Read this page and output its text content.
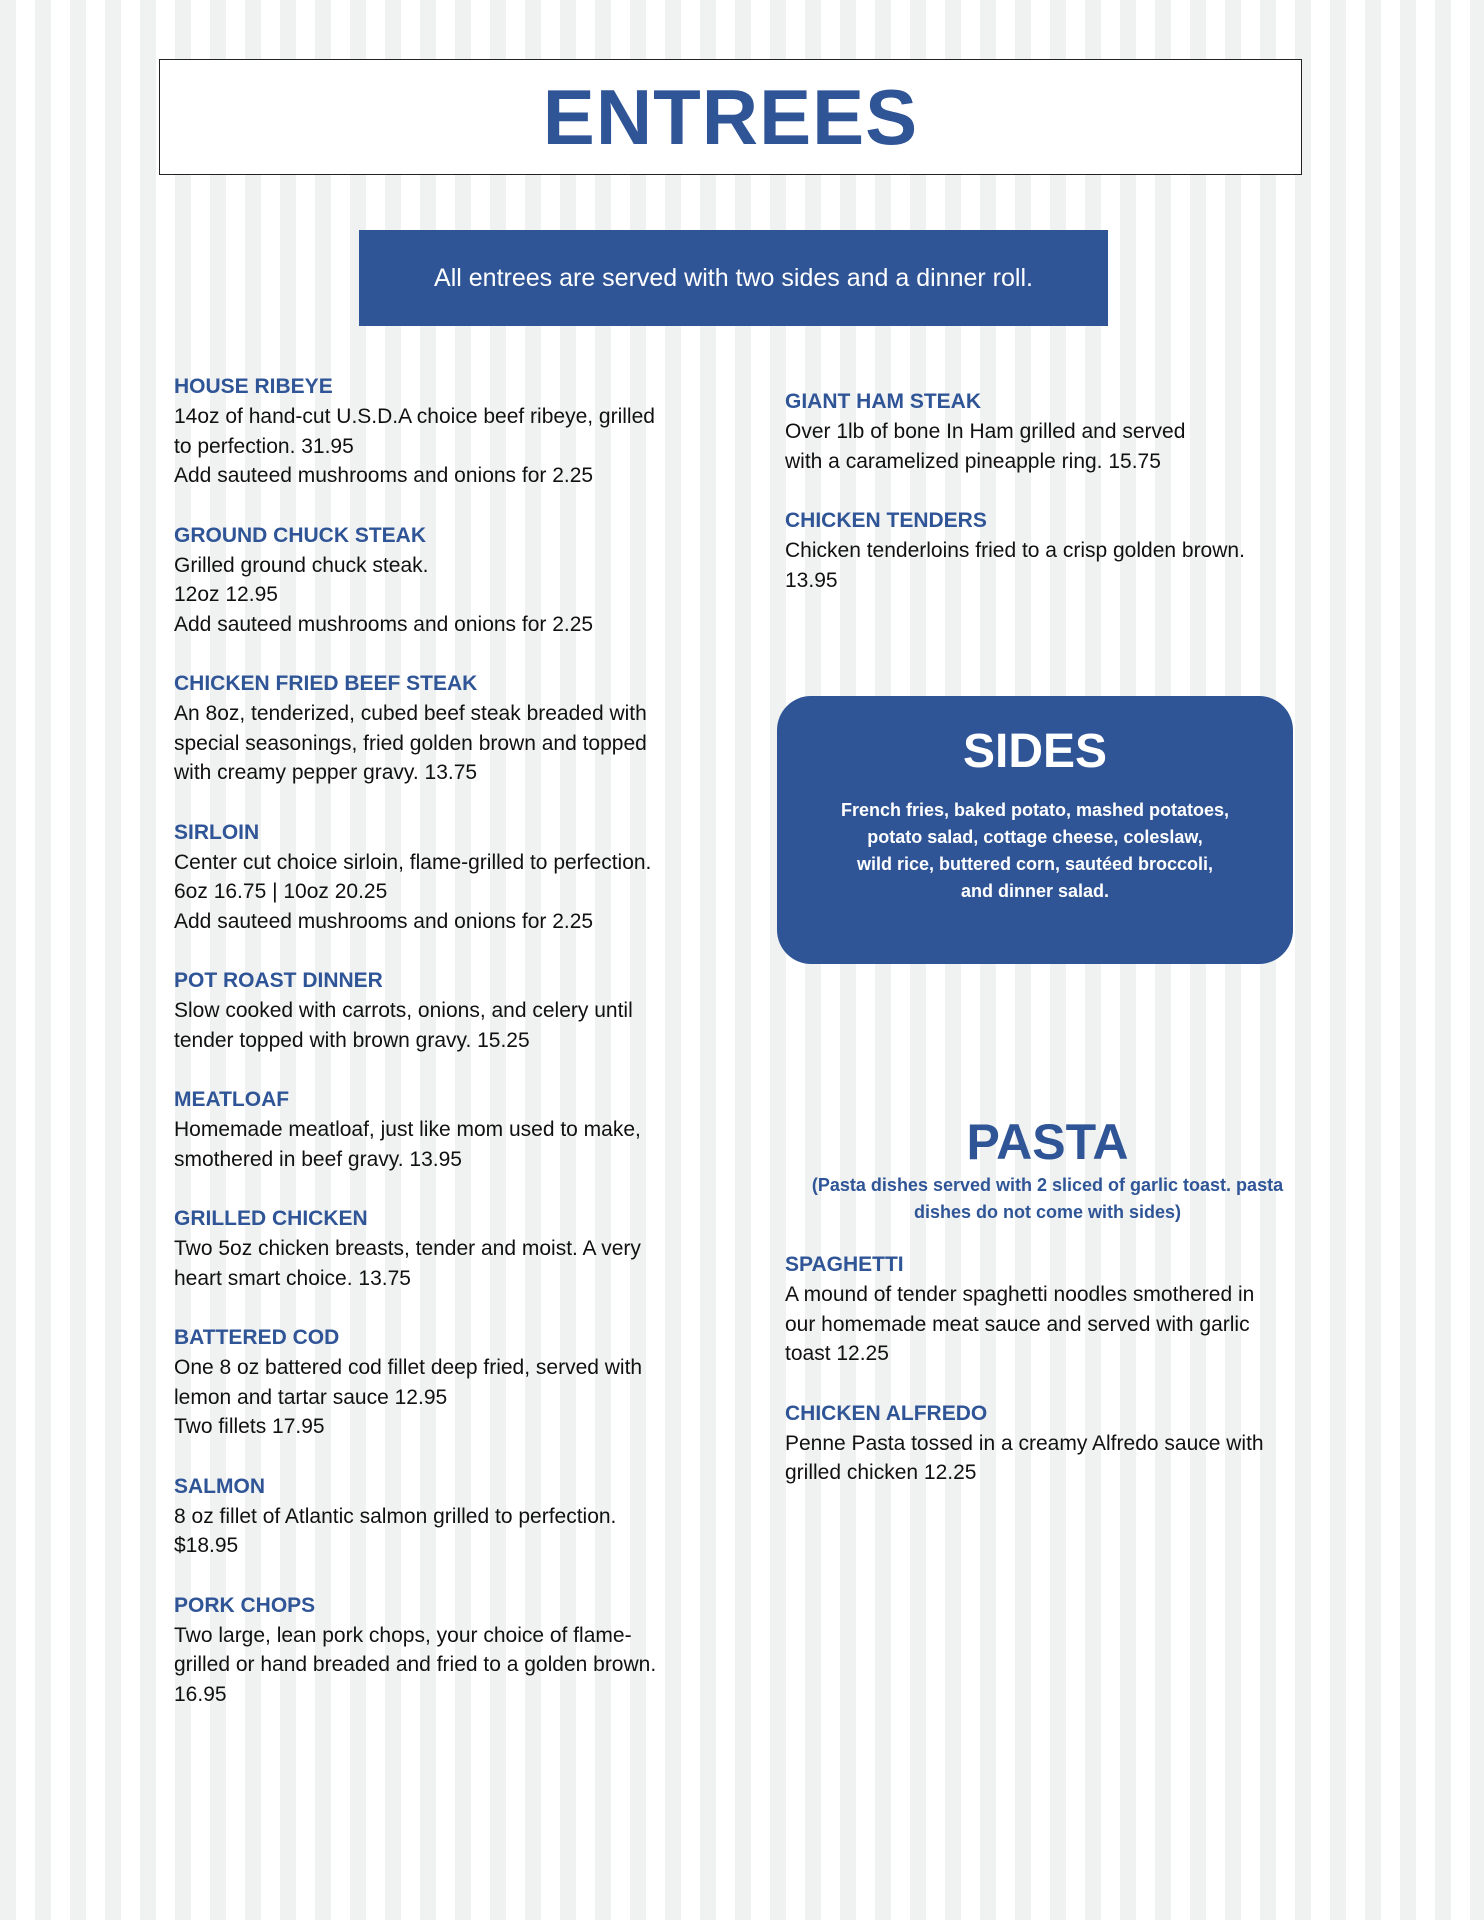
ENTREES
All entrees are served with two sides and a dinner roll.

HOUSE RIBEYE

14oz of hand-cut U.S.D.A choice beef ribeye, grilled

to perfection. 31.95

Add sauteed mushrooms and onions for 2.25

GROUND CHUCK STEAK

Grilled ground chuck steak.

12oz 12.95

Add sauteed mushrooms and onions for 2.25

CHICKEN FRIED BEEF STEAK

An 8oz, tenderized, cubed beef steak breaded with

special seasonings, fried golden brown and topped

with creamy pepper gravy. 13.75

SIRLOIN

Center cut choice sirloin, flame-grilled to perfection.

6oz 16.75 | 10oz 20.25

Add sauteed mushrooms and onions for 2.25

POT ROAST DINNER

Slow cooked with carrots, onions, and celery until

tender topped with brown gravy. 15.25

MEATLOAF

Homemade meatloaf, just like mom used to make,

smothered in beef gravy. 13.95

GRILLED CHICKEN

Two 5oz chicken breasts, tender and moist. A very

heart smart choice. 13.75

BATTERED COD

One 8 oz battered cod fillet deep fried, served with

lemon and tartar sauce 12.95

Two fillets 17.95

SALMON

8 oz fillet of Atlantic salmon grilled to perfection.

$18.95

PORK CHOPS

Two large, lean pork chops, your choice of flame-

grilled or hand breaded and fried to a golden brown.

16.95

GIANT HAM STEAK

Over 1lb of bone In Ham grilled and served

with a caramelized pineapple ring. 15.75

CHICKEN TENDERS

Chicken tenderloins fried to a crisp golden brown.

13.95

SIDES

French fries, baked potato, mashed potatoes,

potato salad, cottage cheese, coleslaw,

wild rice, buttered corn, sautéed broccoli,

and dinner salad.

PASTA

(Pasta dishes served with 2 sliced of garlic toast. pasta

dishes do not come with sides)

SPAGHETTI

A mound of tender spaghetti noodles smothered in

our homemade meat sauce and served with garlic

toast 12.25

CHICKEN ALFREDO

Penne Pasta tossed in a creamy Alfredo sauce with

grilled chicken 12.25
